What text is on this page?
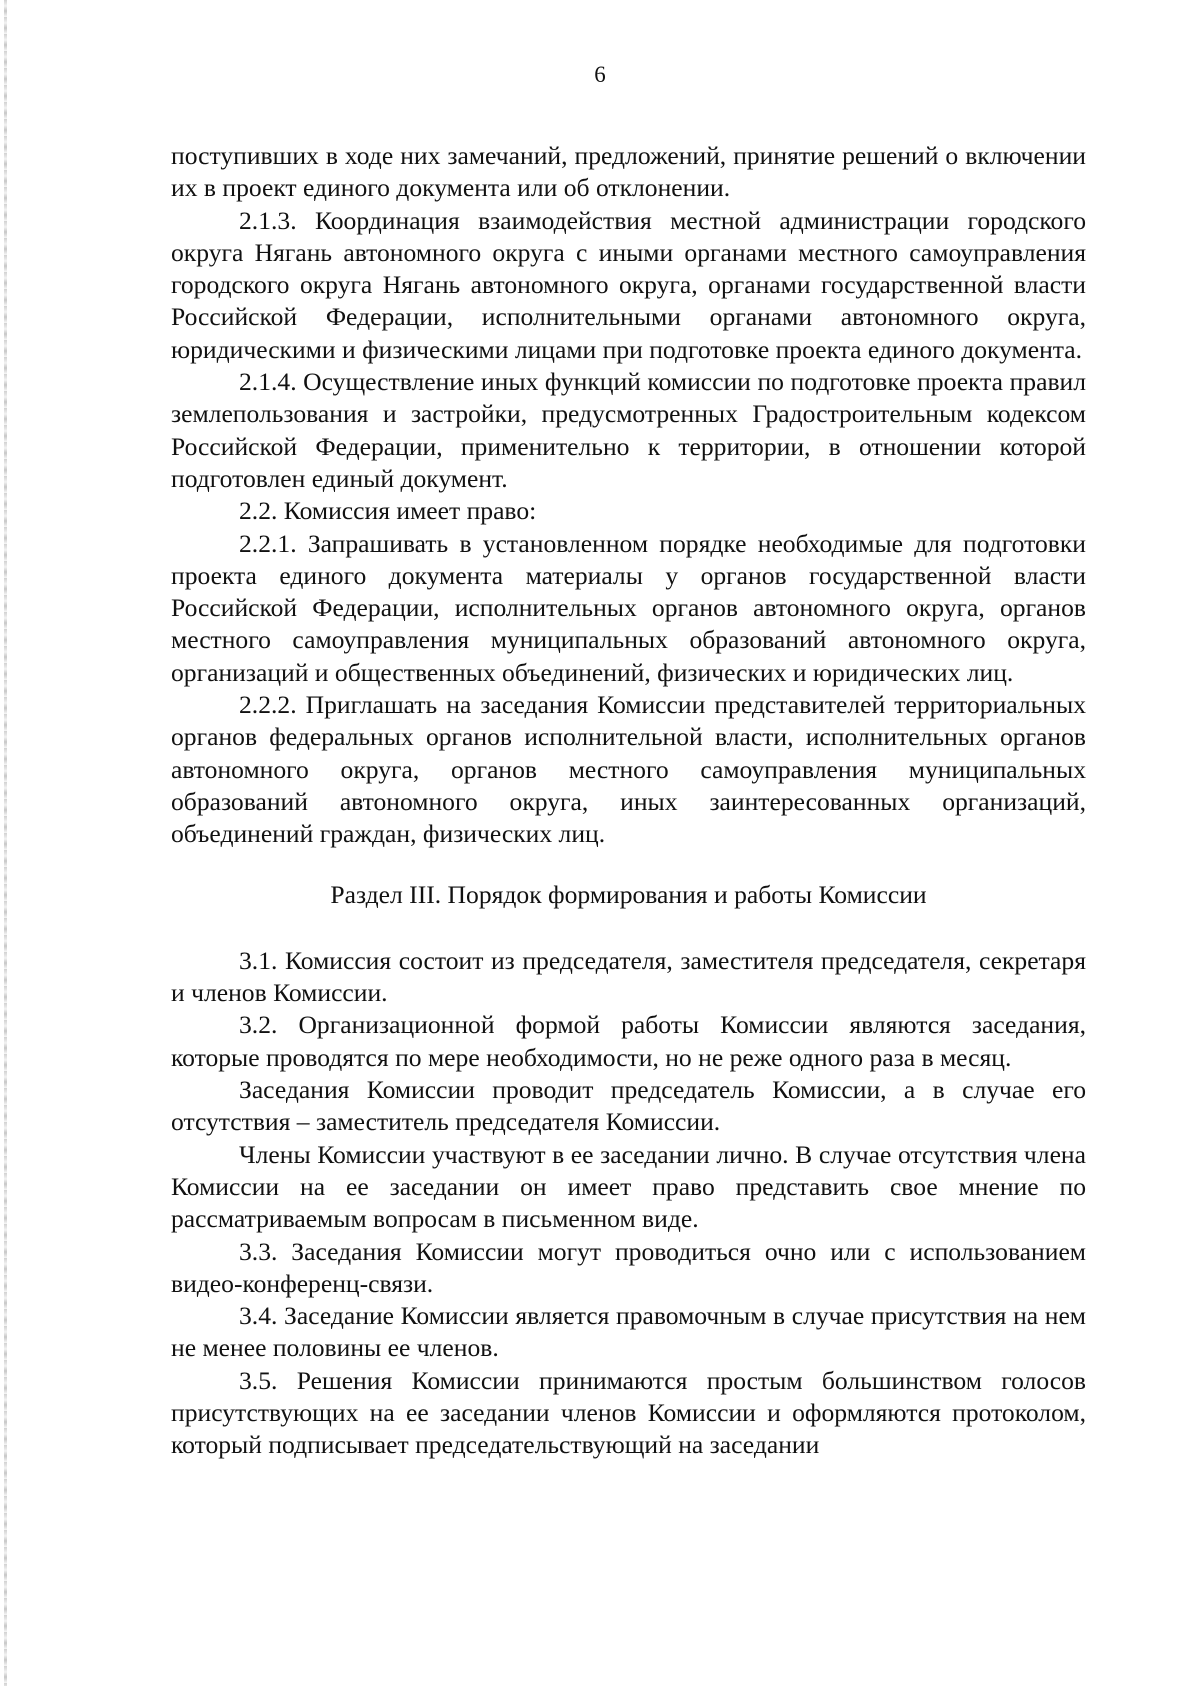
6

поступивших в ходе них замечаний, предложений, принятие решений о включении их в проект единого документа или об отклонении.

2.1.3. Координация взаимодействия местной администрации городского округа Нягань автономного округа с иными органами местного самоуправления городского округа Нягань автономного округа, органами государственной власти Российской Федерации, исполнительными органами автономного округа, юридическими и физическими лицами при подготовке проекта единого документа.

2.1.4. Осуществление иных функций комиссии по подготовке проекта правил землепользования и застройки, предусмотренных Градостроительным кодексом Российской Федерации, применительно к территории, в отношении которой подготовлен единый документ.

2.2. Комиссия имеет право:

2.2.1. Запрашивать в установленном порядке необходимые для подготовки проекта единого документа материалы у органов государственной власти Российской Федерации, исполнительных органов автономного округа, органов местного самоуправления муниципальных образований автономного округа, организаций и общественных объединений, физических и юридических лиц.

2.2.2. Приглашать на заседания Комиссии представителей территориальных органов федеральных органов исполнительной власти, исполнительных органов автономного округа, органов местного самоуправления муниципальных образований автономного округа, иных заинтересованных организаций, объединений граждан, физических лиц.

Раздел III. Порядок формирования и работы Комиссии

3.1. Комиссия состоит из председателя, заместителя председателя, секретаря и членов Комиссии.

3.2. Организационной формой работы Комиссии являются заседания, которые проводятся по мере необходимости, но не реже одного раза в месяц.

Заседания Комиссии проводит председатель Комиссии, а в случае его отсутствия – заместитель председателя Комиссии.

Члены Комиссии участвуют в ее заседании лично. В случае отсутствия члена Комиссии на ее заседании он имеет право представить свое мнение по рассматриваемым вопросам в письменном виде.

3.3. Заседания Комиссии могут проводиться очно или с использованием видео-конференц-связи.

3.4. Заседание Комиссии является правомочным в случае присутствия на нем не менее половины ее членов.

3.5. Решения Комиссии принимаются простым большинством голосов присутствующих на ее заседании членов Комиссии и оформляются протоколом, который подписывает председательствующий на заседании
